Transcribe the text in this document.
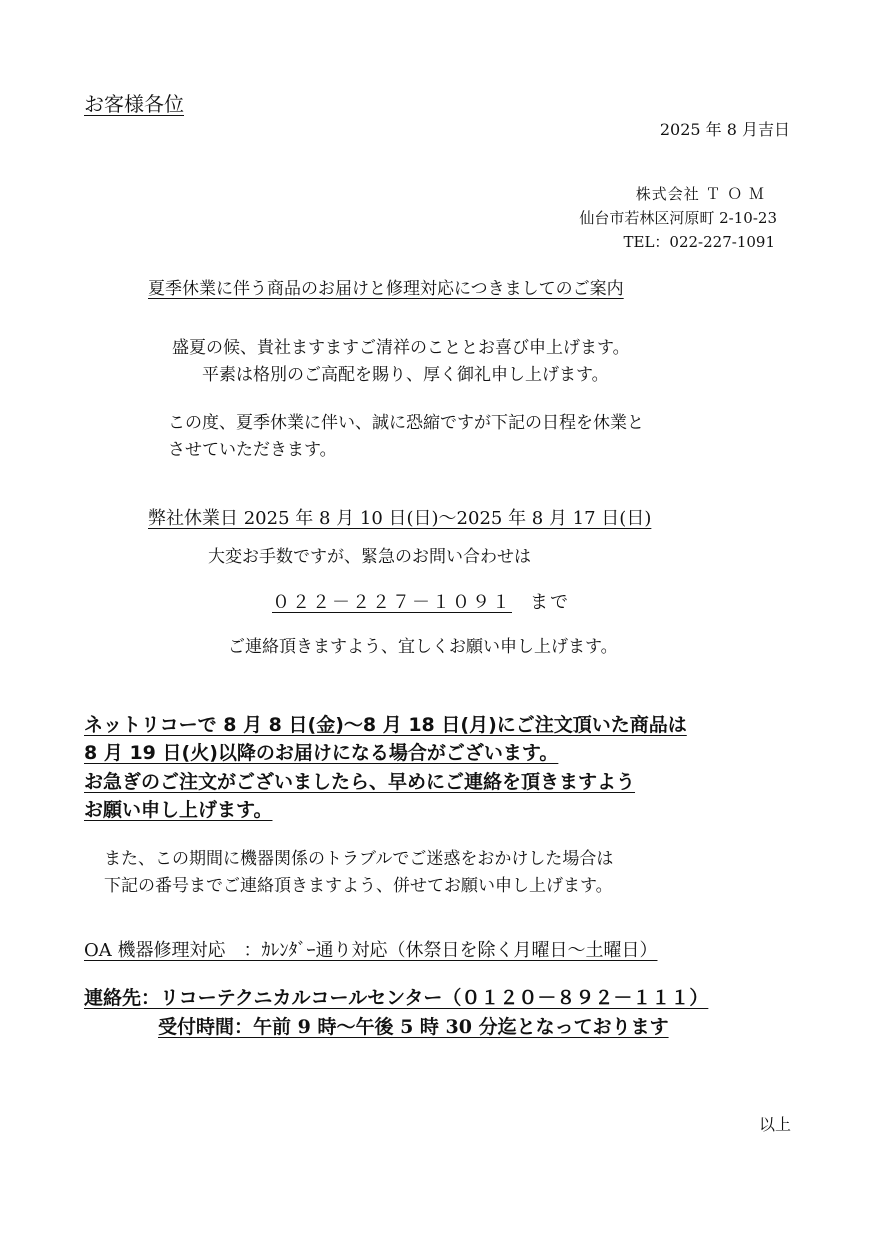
お客様各位
2025 年 8 月吉日
株式会社 Ｔ Ｏ Ｍ
仙台市若林区河原町 2-10-23
TEL：022-227-1091
夏季休業に伴う商品のお届けと修理対応につきましてのご案内
盛夏の候、貴社ますますご清祥のこととお喜び申上げます。
平素は格別のご高配を賜り、厚く御礼申し上げます。
この度、夏季休業に伴い、誠に恐縮ですが下記の日程を休業と
させていただきます。
弊社休業日 2025 年 8 月 10 日(日)～2025 年 8 月 17 日(日)
大変お手数ですが、緊急のお問い合わせは
０２２－２２７－１０９１ まで
ご連絡頂きますよう、宜しくお願い申し上げます。
ネットリコーで 8 月 8 日(金)～8 月 18 日(月)にご注文頂いた商品は
8 月 19 日(火)以降のお届けになる場合がございます。
お急ぎのご注文がございましたら、早めにご連絡を頂きますよう
お願い申し上げます。
また、この期間に機器関係のトラブルでご迷惑をおかけした場合は
下記の番号までご連絡頂きますよう、併せてお願い申し上げます。
OA 機器修理対応　：ｶﾚﾝﾀﾞｰ通り対応（休祭日を除く月曜日～土曜日）
連絡先：リコーテクニカルコールセンター（０１２０－８９２－１１１）
受付時間：午前 9 時～午後 5 時 30 分迄となっております
以上
